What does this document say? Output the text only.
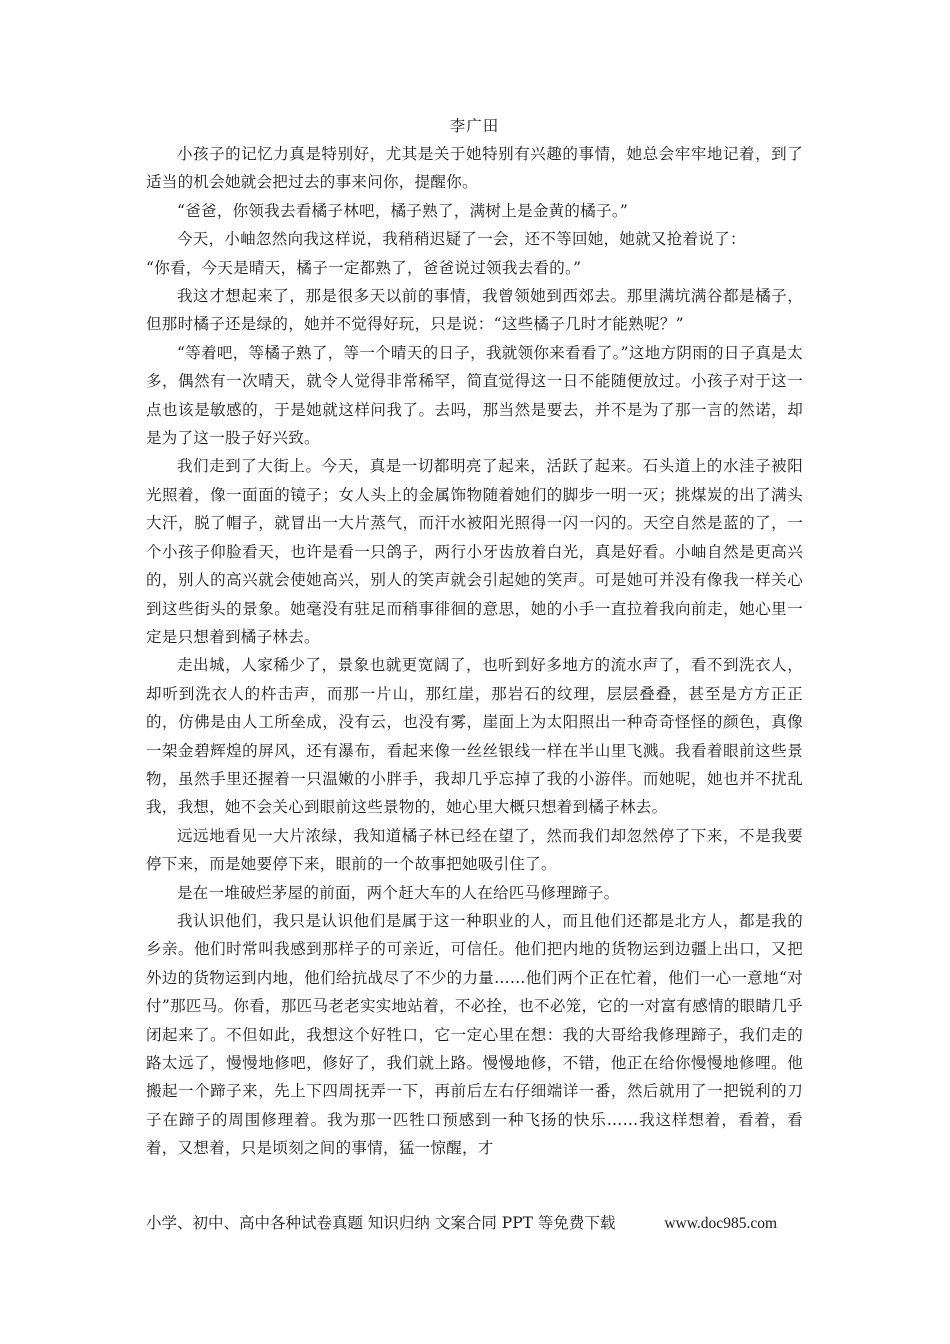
李广田

小孩子的记忆力真是特别好，尤其是关于她特别有兴趣的事情，她总会牢牢地记着，到了适当的机会她就会把过去的事来问你，提醒你。

“爸爸，你领我去看橘子林吧，橘子熟了，满树上是金黄的橘子。”

今天，小岫忽然向我这样说，我稍稍迟疑了一会，还不等回她，她就又抢着说了：

“你看，今天是晴天，橘子一定都熟了，爸爸说过领我去看的。”

我这才想起来了，那是很多天以前的事情，我曾领她到西郊去。那里满坑满谷都是橘子，但那时橘子还是绿的，她并不觉得好玩，只是说：“这些橘子几时才能熟呢？”

“等着吧，等橘子熟了，等一个晴天的日子，我就领你来看看了。”这地方阴雨的日子真是太多，偶然有一次晴天，就令人觉得非常稀罕，简直觉得这一日不能随便放过。小孩子对于这一点也该是敏感的，于是她就这样问我了。去吗，那当然是要去，并不是为了那一言的然诺，却是为了这一股子好兴致。

我们走到了大街上。今天，真是一切都明亮了起来，活跃了起来。石头道上的水洼子被阳光照着，像一面面的镜子；女人头上的金属饰物随着她们的脚步一明一灭；挑煤炭的出了满头大汗，脱了帽子，就冒出一大片蒸气，而汗水被阳光照得一闪一闪的。天空自然是蓝的了，一个小孩子仰脸看天，也许是看一只鸽子，两行小牙齿放着白光，真是好看。小岫自然是更高兴的，别人的高兴就会使她高兴，别人的笑声就会引起她的笑声。可是她可并没有像我一样关心到这些街头的景象。她毫没有驻足而稍事徘徊的意思，她的小手一直拉着我向前走，她心里一定是只想着到橘子林去。

走出城，人家稀少了，景象也就更宽阔了，也听到好多地方的流水声了，看不到洗衣人，却听到洗衣人的杵击声，而那一片山，那红崖，那岩石的纹理，层层叠叠，甚至是方方正正的，仿佛是由人工所垒成，没有云，也没有雾，崖面上为太阳照出一种奇奇怪怪的颜色，真像一架金碧辉煌的屏风，还有瀑布，看起来像一丝丝银线一样在半山里飞溅。我看着眼前这些景物，虽然手里还握着一只温嫩的小胖手，我却几乎忘掉了我的小游伴。而她呢，她也并不扰乱我，我想，她不会关心到眼前这些景物的，她心里大概只想着到橘子林去。

远远地看见一大片浓绿，我知道橘子林已经在望了，然而我们却忽然停了下来，不是我要停下来，而是她要停下来，眼前的一个故事把她吸引住了。

是在一堆破烂茅屋的前面，两个赶大车的人在给匹马修理蹄子。

我认识他们，我只是认识他们是属于这一种职业的人，而且他们还都是北方人，都是我的乡亲。他们时常叫我感到那样子的可亲近，可信任。他们把内地的货物运到边疆上出口，又把外边的货物运到内地，他们给抗战尽了不少的力量……他们两个正在忙着，他们一心一意地“对付”那匹马。你看，那匹马老老实实地站着，不必拴，也不必笼，它的一对富有感情的眼睛几乎闭起来了。不但如此，我想这个好牲口，它一定心里在想：我的大哥给我修理蹄子，我们走的路太远了，慢慢地修吧，修好了，我们就上路。慢慢地修，不错，他正在给你慢慢地修哩。他搬起一个蹄子来，先上下四周抚弄一下，再前后左右仔细端详一番，然后就用了一把锐利的刀子在蹄子的周围修理着。我为那一匹牲口预感到一种飞扬的快乐……我这样想着，看着，看着，又想着，只是顷刻之间的事情，猛一惊醒，才

小学、初中、高中各种试卷真题 知识归纳 文案合同 PPT 等免费下载	www.doc985.com
